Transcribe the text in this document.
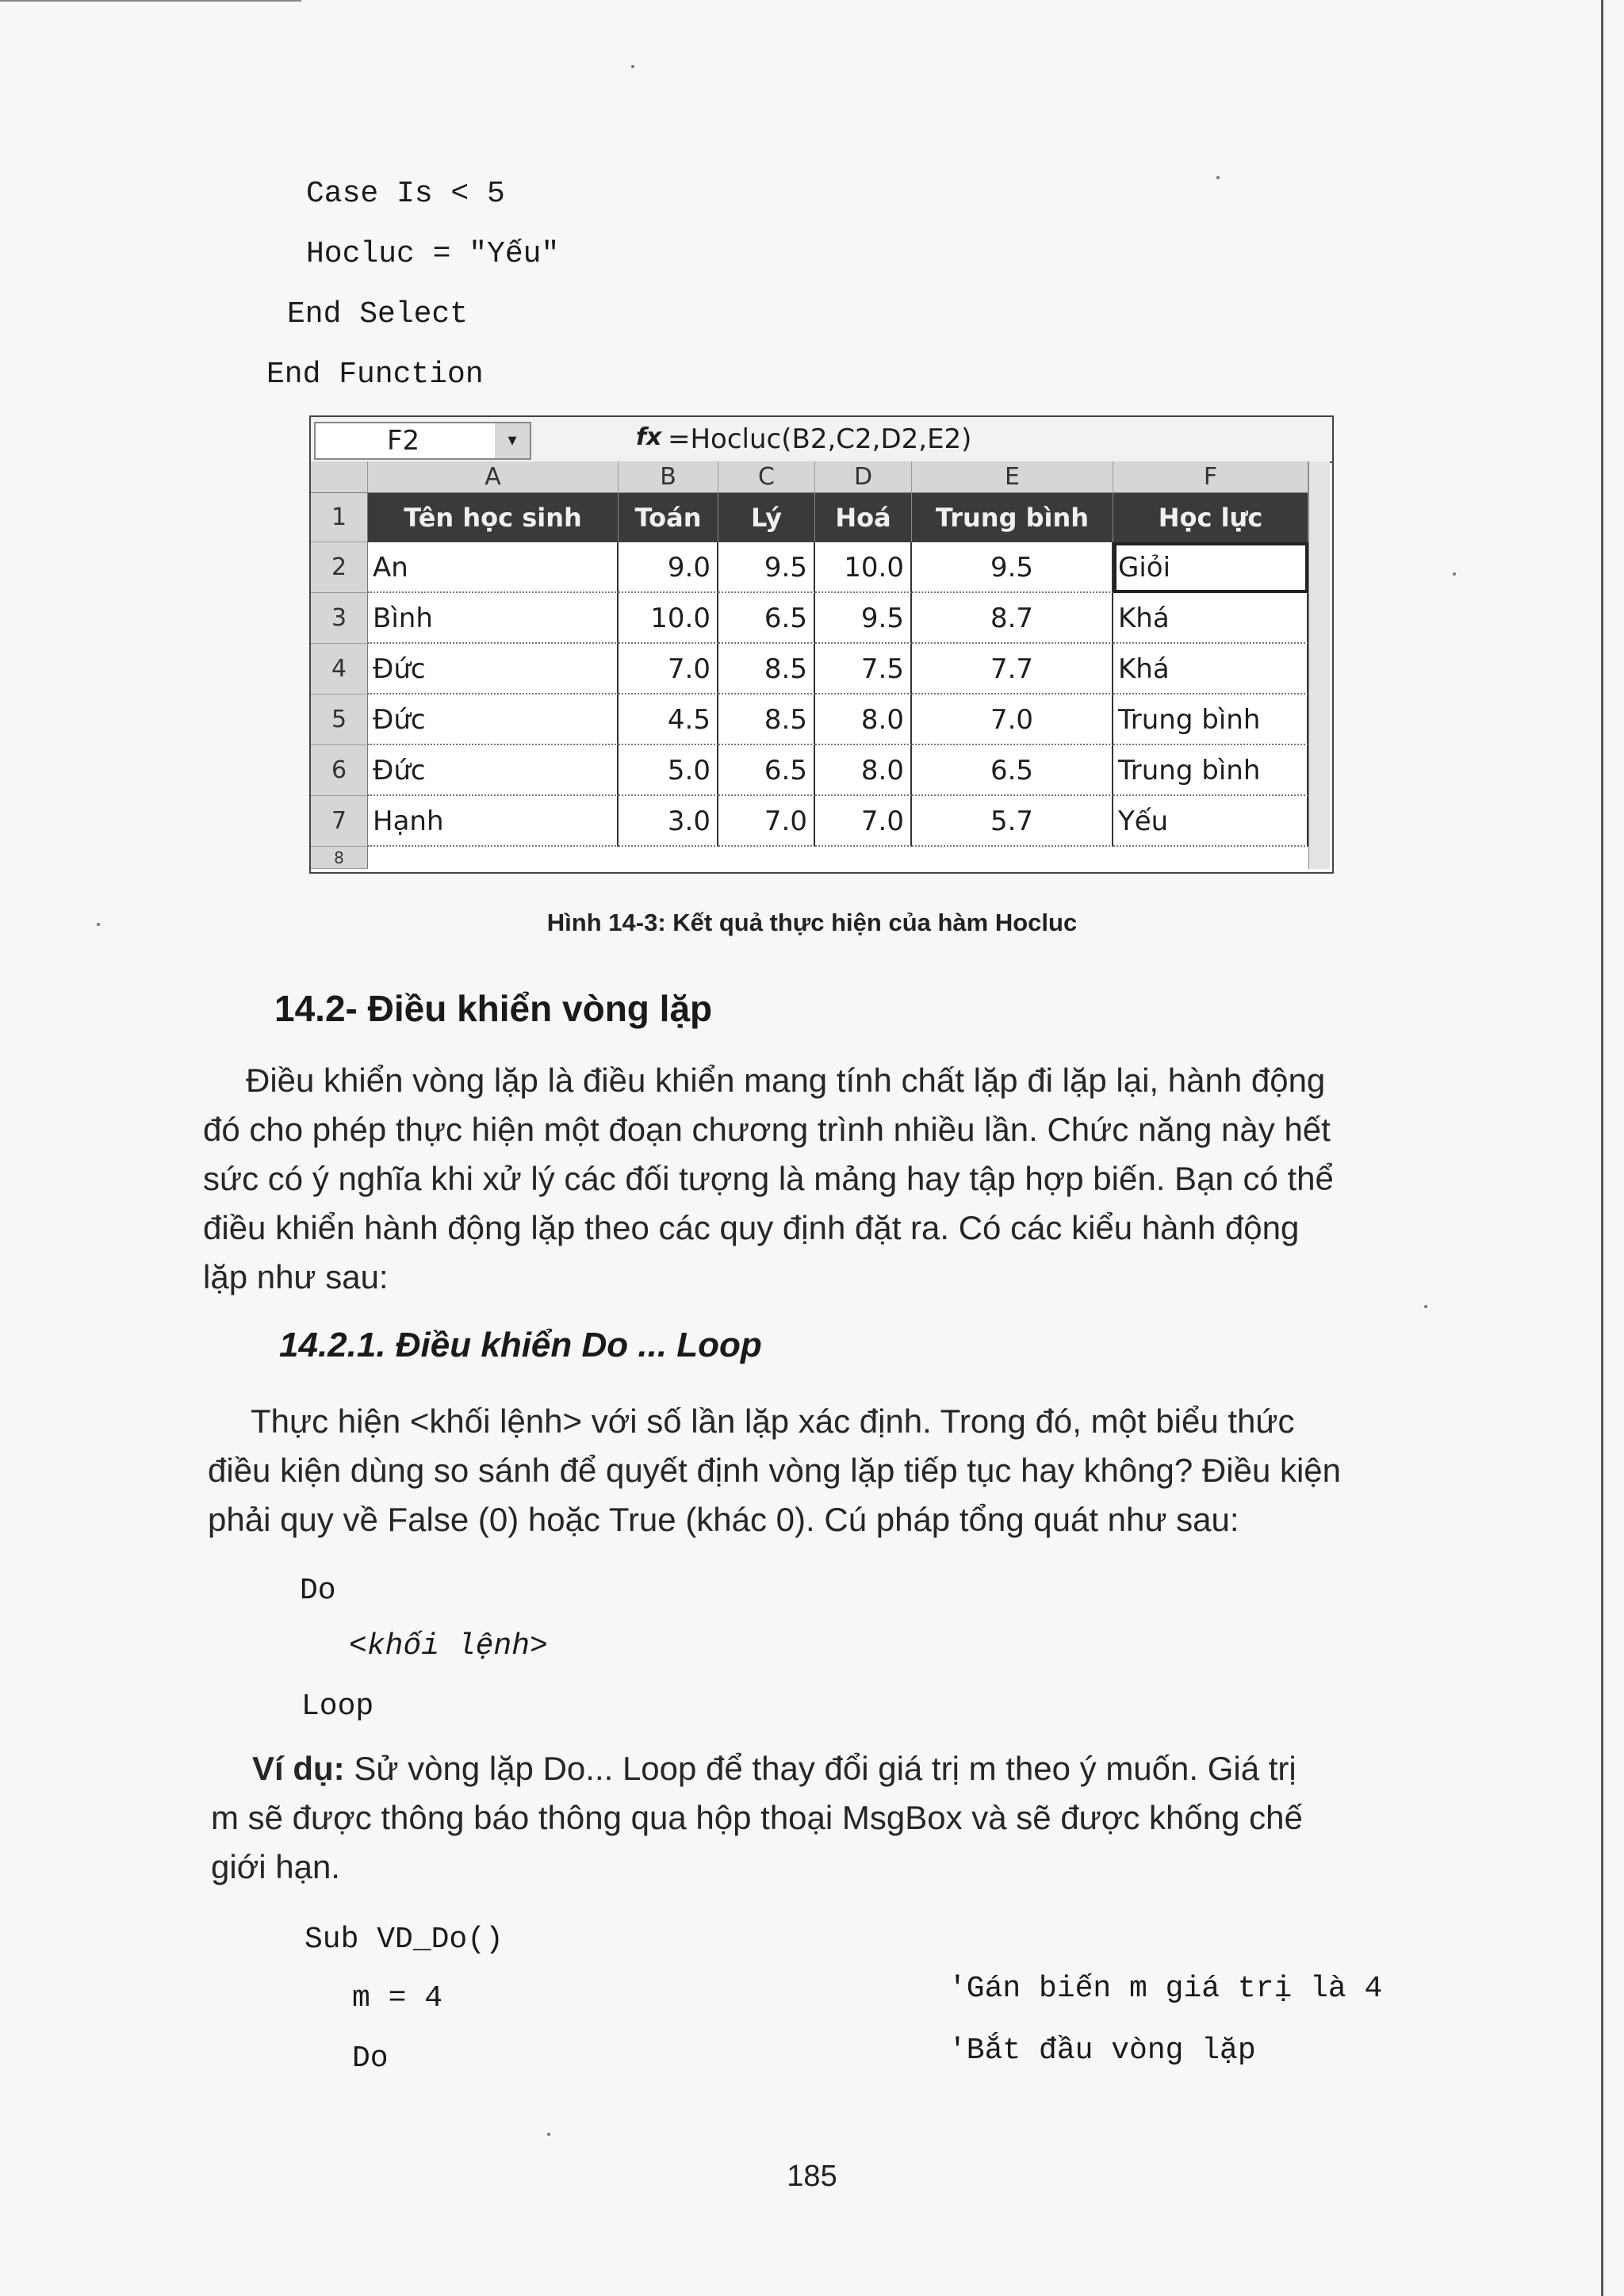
Case Is < 5
Hocluc = "Yếu"
End Select
End Function
F2	▾	fx =Hocluc(B2,C2,D2,E2)
A	B	C	D	E	F
1
2
3
4
5
6
7
8
Tên học sinh	Toán	Lý	Hoá	Trung bình	Học lực
An	9.0	9.5	10.0	9.5	Giỏi
Bình	10.0	6.5	9.5	8.7	Khá
Đức	7.0	8.5	7.5	7.7	Khá
Đức	4.5	8.5	8.0	7.0	Trung bình
Đức	5.0	6.5	8.0	6.5	Trung bình
Hạnh	3.0	7.0	7.0	5.7	Yếu
Hình 14-3: Kết quả thực hiện của hàm Hocluc
14.2- Điều khiển vòng lặp
Điều khiển vòng lặp là điều khiển mang tính chất lặp đi lặp lại, hành động
đó cho phép thực hiện một đoạn chương trình nhiều lần. Chức năng này hết
sức có ý nghĩa khi xử lý các đối tượng là mảng hay tập hợp biến. Bạn có thể
điều khiển hành động lặp theo các quy định đặt ra. Có các kiểu hành động
lặp như sau:
14.2.1. Điều khiển Do ... Loop
Thực hiện <khối lệnh> với số lần lặp xác định. Trong đó, một biểu thức
điều kiện dùng so sánh để quyết định vòng lặp tiếp tục hay không? Điều kiện
phải quy về False (0) hoặc True (khác 0). Cú pháp tổng quát như sau:
Do
<khối lệnh>
Loop
Ví dụ: Sử vòng lặp Do... Loop để thay đổi giá trị m theo ý muốn. Giá trị
m sẽ được thông báo thông qua hộp thoại MsgBox và sẽ được khống chế
giới hạn.
Sub VD_Do()
m = 4
Do
'Gán biến m giá trị là 4
'Bắt đầu vòng lặp
185
